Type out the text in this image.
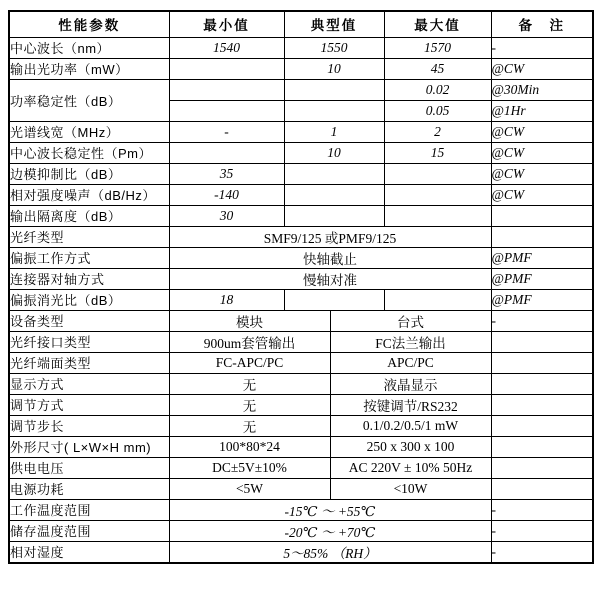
性能参数	最小值	典型值		最大值	备　注
中心波长（nm）	1540	1550		1570	-
输出光功率（mW）		10		45	@CW
功率稳定性（dB）				0.02	@30Min
				0.05	@1Hr
光谱线宽（MHz）	-	1		2	@CW
中心波长稳定性（Pm）		10		15	@CW
边模抑制比（dB）	35				@CW
相对强度噪声（dB/Hz）	-140				@CW
输出隔离度（dB）	30				
光纤类型	SMF9/125 或PMF9/125				
偏振工作方式	快轴截止				@PMF
连接器对轴方式	慢轴对准				@PMF
偏振消光比（dB）	18				@PMF
设备类型	模块		台式		-
光纤接口类型	900um套管输出		FC法兰输出		
光纤端面类型	FC-APC/PC		APC/PC		
显示方式	无		液晶显示		
调节方式	无		按键调节/RS232		
调节步长	无		0.1/0.2/0.5/1 mW		
外形尺寸( L×W×H mm)	100*80*24		250 x 300 x 100		
供电电压	DC±5V±10%		AC 220V ± 10% 50Hz		
电源功耗	<5W		<10W		
工作温度范围	-15℃ ～ +55℃				-
储存温度范围	-20℃ ～ +70℃				-
相对湿度	5～85% （RH）				-
